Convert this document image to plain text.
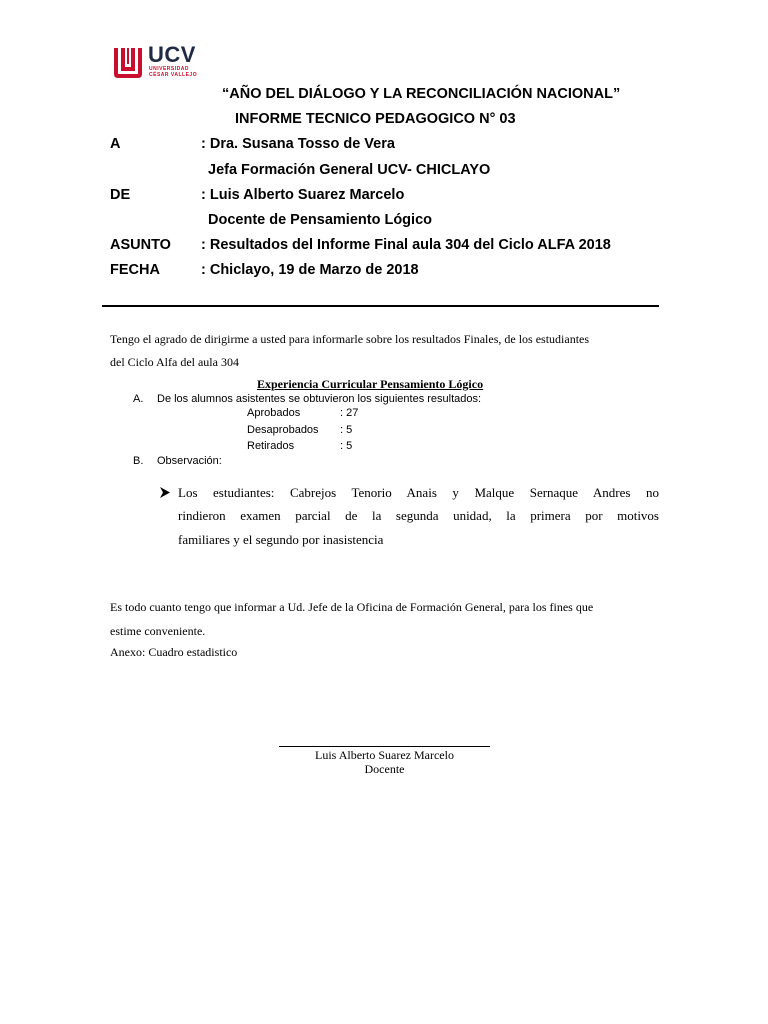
UCV
UNIVERSIDAD
CÉSAR VALLEJO
“AÑO DEL DIÁLOGO Y LA RECONCILIACIÓN NACIONAL”
INFORME TECNICO PEDAGOGICO N° 03
A	: Dra. Susana Tosso de Vera
Jefa Formación General UCV- CHICLAYO
DE	: Luis Alberto Suarez Marcelo
Docente de Pensamiento Lógico
ASUNTO : Resultados del Informe Final aula 304 del Ciclo ALFA 2018
FECHA	: Chiclayo, 19 de Marzo de 2018
Tengo el agrado de dirigirme a usted para informarle sobre los resultados Finales, de los estudiantes
del Ciclo Alfa del aula 304
Experiencia Curricular Pensamiento Lógico
A. De los alumnos asistentes se obtuvieron los siguientes resultados:
Aprobados	: 27
Desaprobados : 5
Retirados	: 5
B. Observación:
Los estudiantes: Cabrejos Tenorio Anais y Malque Sernaque Andres no
rindieron examen parcial de la segunda unidad, la primera por motivos
familiares y el segundo por inasistencia
Es todo cuanto tengo que informar a Ud. Jefe de la Oficina de Formación General, para los fines que
estime conveniente.
Anexo: Cuadro estadistico
Luis Alberto Suarez Marcelo
Docente
